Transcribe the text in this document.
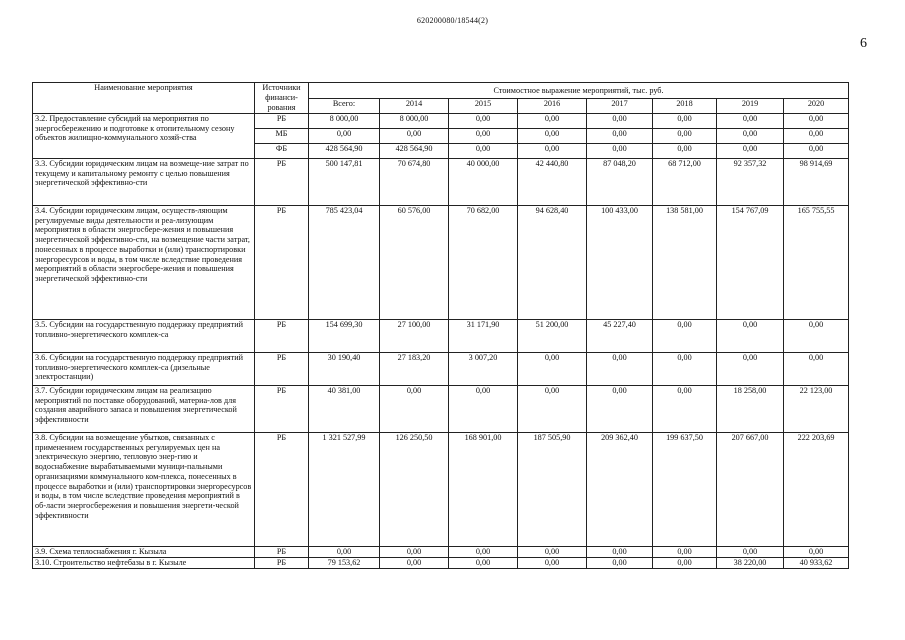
620200080/18544(2)
6
Наименование мероприятия	Источники финанси-рования	Стоимостное выражение мероприятий, тыс. руб.							
		Всего:	2014	2015	2016	2017	2018	2019	2020
3.2. Предоставление субсидий на мероприятия по энергосбережению и подготовке к отопительному сезону объектов жилищно-коммунального хозяй-ства	РБ	8 000,00	8 000,00	0,00	0,00	0,00	0,00	0,00	0,00
	МБ	0,00	0,00	0,00	0,00	0,00	0,00	0,00	0,00
	ФБ	428 564,90	428 564,90	0,00	0,00	0,00	0,00	0,00	0,00
3.3. Субсидии юридическим лицам на возмеще-ние затрат по текущему и капитальному ремонту с целью повышения энергетической эффективно-сти	РБ	500 147,81	70 674,80	40 000,00	42 440,80	87 048,20	68 712,00	92 357,32	98 914,69
3.4. Субсидии юридическим лицам, осуществ-ляющим регулируемые виды деятельности и реа-лизующим мероприятия в области энергосбере-жения и повышения энергетической эффективно-сти, на возмещение части затрат, понесенных в процессе выработки и (или) транспортировки энергоресурсов и воды, в том числе вследствие проведения мероприятий в области энергосбере-жения и повышения энергетической эффективно-сти	РБ	785 423,04	60 576,00	70 682,00	94 628,40	100 433,00	138 581,00	154 767,09	165 755,55
3.5. Субсидии на государственную поддержку предприятий топливно-энергетического комплек-са	РБ	154 699,30	27 100,00	31 171,90	51 200,00	45 227,40	0,00	0,00	0,00
3.6. Субсидии на государственную поддержку предприятий топливно-энергетического комплек-са (дизельные электростанции)	РБ	30 190,40	27 183,20	3 007,20	0,00	0,00	0,00	0,00	0,00
3.7. Субсидии юридическим лицам на реализацию мероприятий по поставке оборудований, материа-лов для создания аварийного запаса и повышения энергетической эффективности	РБ	40 381,00	0,00	0,00	0,00	0,00	0,00	18 258,00	22 123,00
3.8. Субсидии на возмещение убытков, связанных с применением государственных регулируемых цен на электрическую энергию, тепловую энер-гию и водоснабжение вырабатываемыми муници-пальными организациями коммунального ком-плекса, понесенных в процессе выработки и (или) транспортировки энергоресурсов и воды, в том числе вследствие проведения мероприятий в об-ласти энергосбережения и повышения энергети-ческой эффективности	РБ	1 321 527,99	126 250,50	168 901,00	187 505,90	209 362,40	199 637,50	207 667,00	222 203,69
3.9. Схема теплоснабжения г. Кызыла	РБ	0,00	0,00	0,00	0,00	0,00	0,00	0,00	0,00
3.10. Строительство нефтебазы в г. Кызыле	РБ	79 153,62	0,00	0,00	0,00	0,00	0,00	38 220,00	40 933,62
